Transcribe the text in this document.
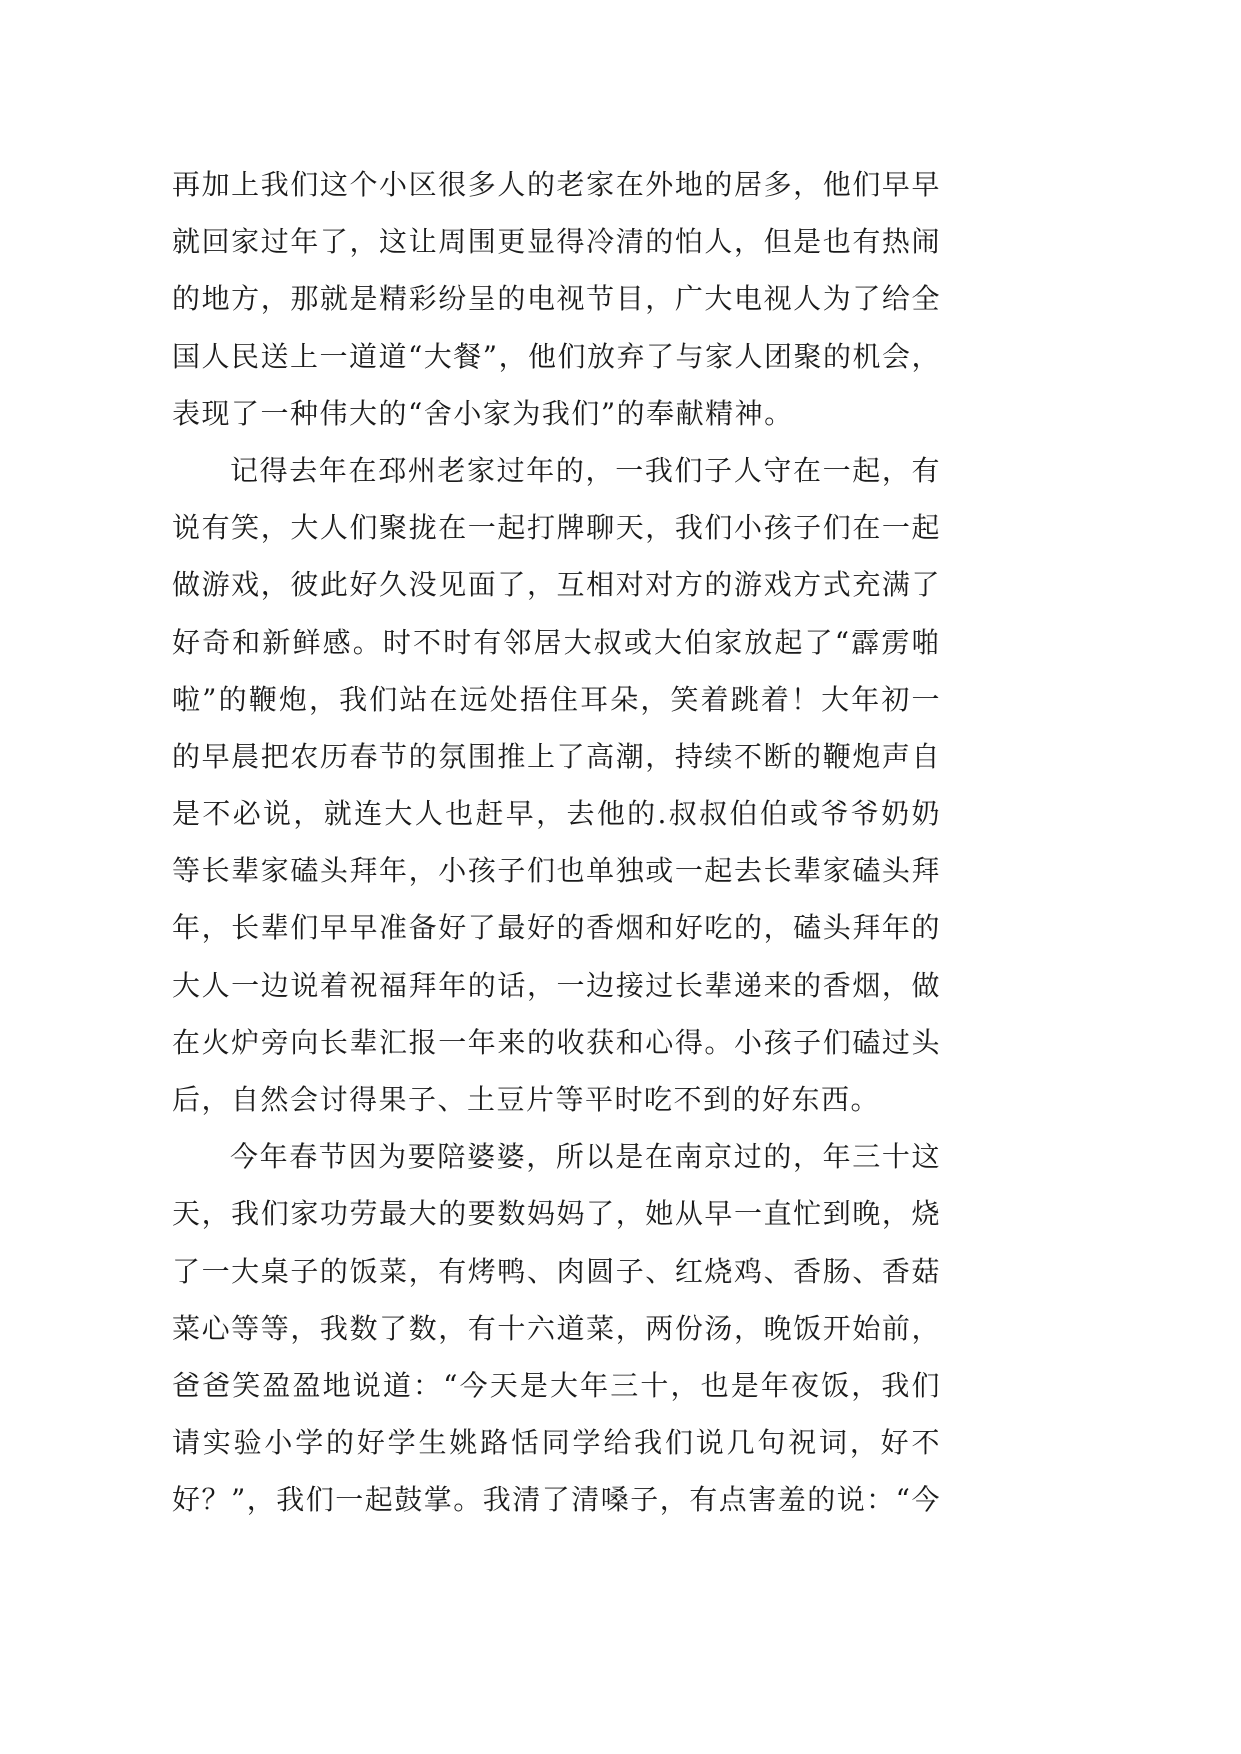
再加上我们这个小区很多人的老家在外地的居多，他们早早
就回家过年了，这让周围更显得冷清的怕人，但是也有热闹
的地方，那就是精彩纷呈的电视节目，广大电视人为了给全
国人民送上一道道“大餐”，他们放弃了与家人团聚的机会，
表现了一种伟大的“舍小家为我们”的奉献精神。
记得去年在邳州老家过年的，一我们子人守在一起，有
说有笑，大人们聚拢在一起打牌聊天，我们小孩子们在一起
做游戏，彼此好久没见面了，互相对对方的游戏方式充满了
好奇和新鲜感。时不时有邻居大叔或大伯家放起了“霹雳啪
啦”的鞭炮，我们站在远处捂住耳朵，笑着跳着！大年初一
的早晨把农历春节的氛围推上了高潮，持续不断的鞭炮声自
是不必说，就连大人也赶早，去他的.叔叔伯伯或爷爷奶奶
等长辈家磕头拜年，小孩子们也单独或一起去长辈家磕头拜
年，长辈们早早准备好了最好的香烟和好吃的，磕头拜年的
大人一边说着祝福拜年的话，一边接过长辈递来的香烟，做
在火炉旁向长辈汇报一年来的收获和心得。小孩子们磕过头
后，自然会讨得果子、土豆片等平时吃不到的好东西。
今年春节因为要陪婆婆，所以是在南京过的，年三十这
天，我们家功劳最大的要数妈妈了，她从早一直忙到晚，烧
了一大桌子的饭菜，有烤鸭、肉圆子、红烧鸡、香肠、香菇
菜心等等，我数了数，有十六道菜，两份汤，晚饭开始前，
爸爸笑盈盈地说道：“今天是大年三十，也是年夜饭，我们
请实验小学的好学生姚路恬同学给我们说几句祝词，好不
好？”，我们一起鼓掌。我清了清嗓子，有点害羞的说：“今
